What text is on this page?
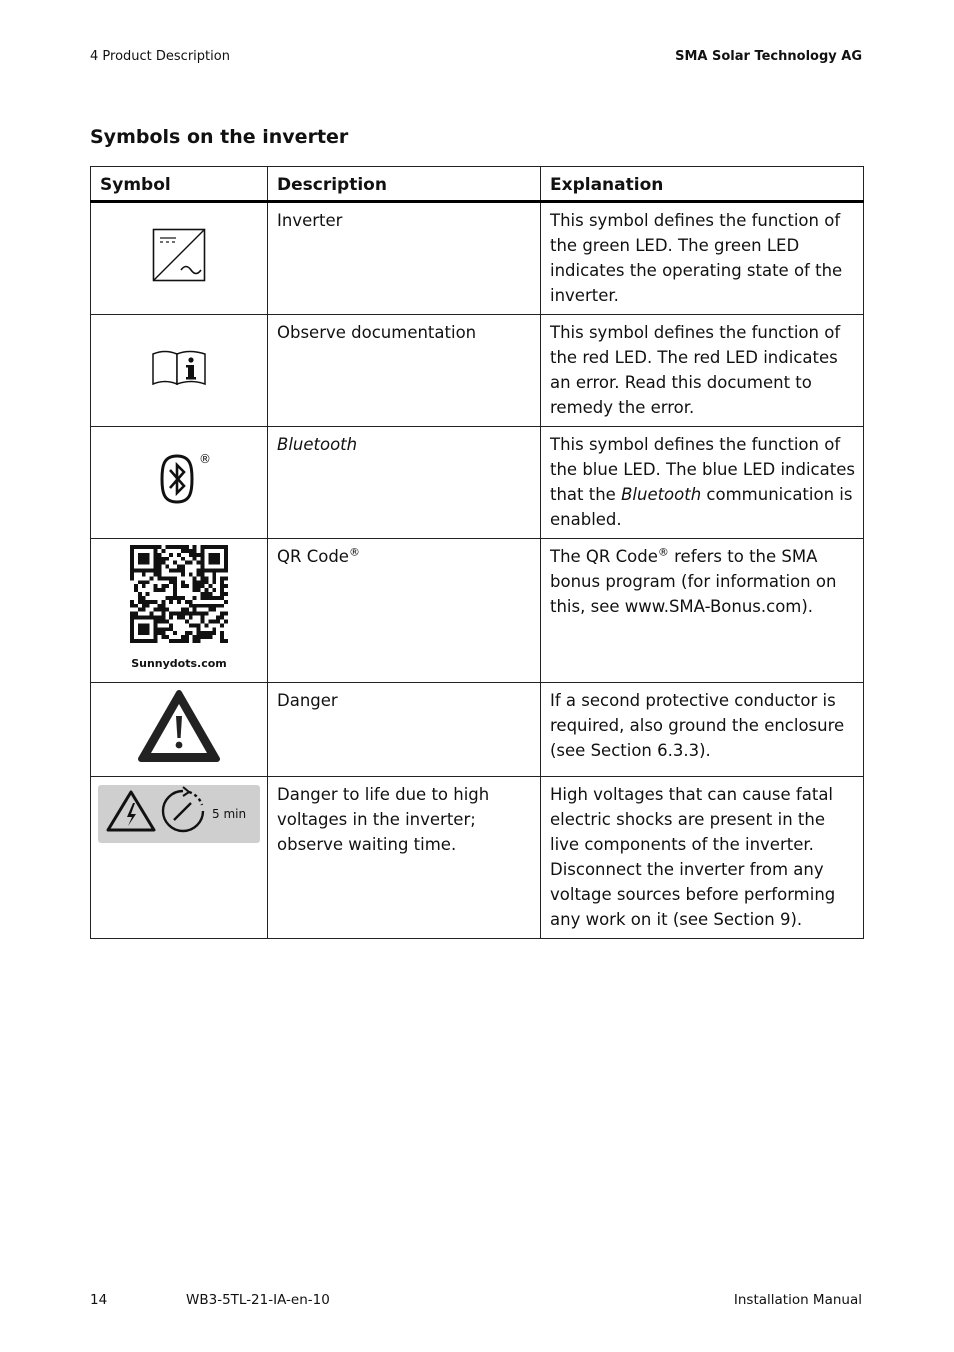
4 Product Description	SMA Solar Technology AG
Symbols on the inverter
Symbol	Description	Explanation
	Inverter	This symbol defines the function of the green LED. The green LED indicates the operating state of the inverter.
	Observe documentation	This symbol defines the function of the red LED. The red LED indicates an error. Read this document to remedy the error.

®	Bluetooth	This symbol defines the function of the blue LED. The blue LED indicates that the Bluetooth communication is enabled.

Sunnydots.com	QR Code®	The QR Code® refers to the SMA bonus program (for information on this, see www.SMA-Bonus.com).
	Danger	If a second protective conductor is required, also ground the enclosure (see Section 6.3.3).

5 min	Danger to life due to high voltages in the inverter; observe waiting time.	High voltages that can cause fatal electric shocks are present in the live components of the inverter. Disconnect the inverter from any voltage sources before performing any work on it (see Section 9).
14	WB3-5TL-21-IA-en-10	Installation Manual
